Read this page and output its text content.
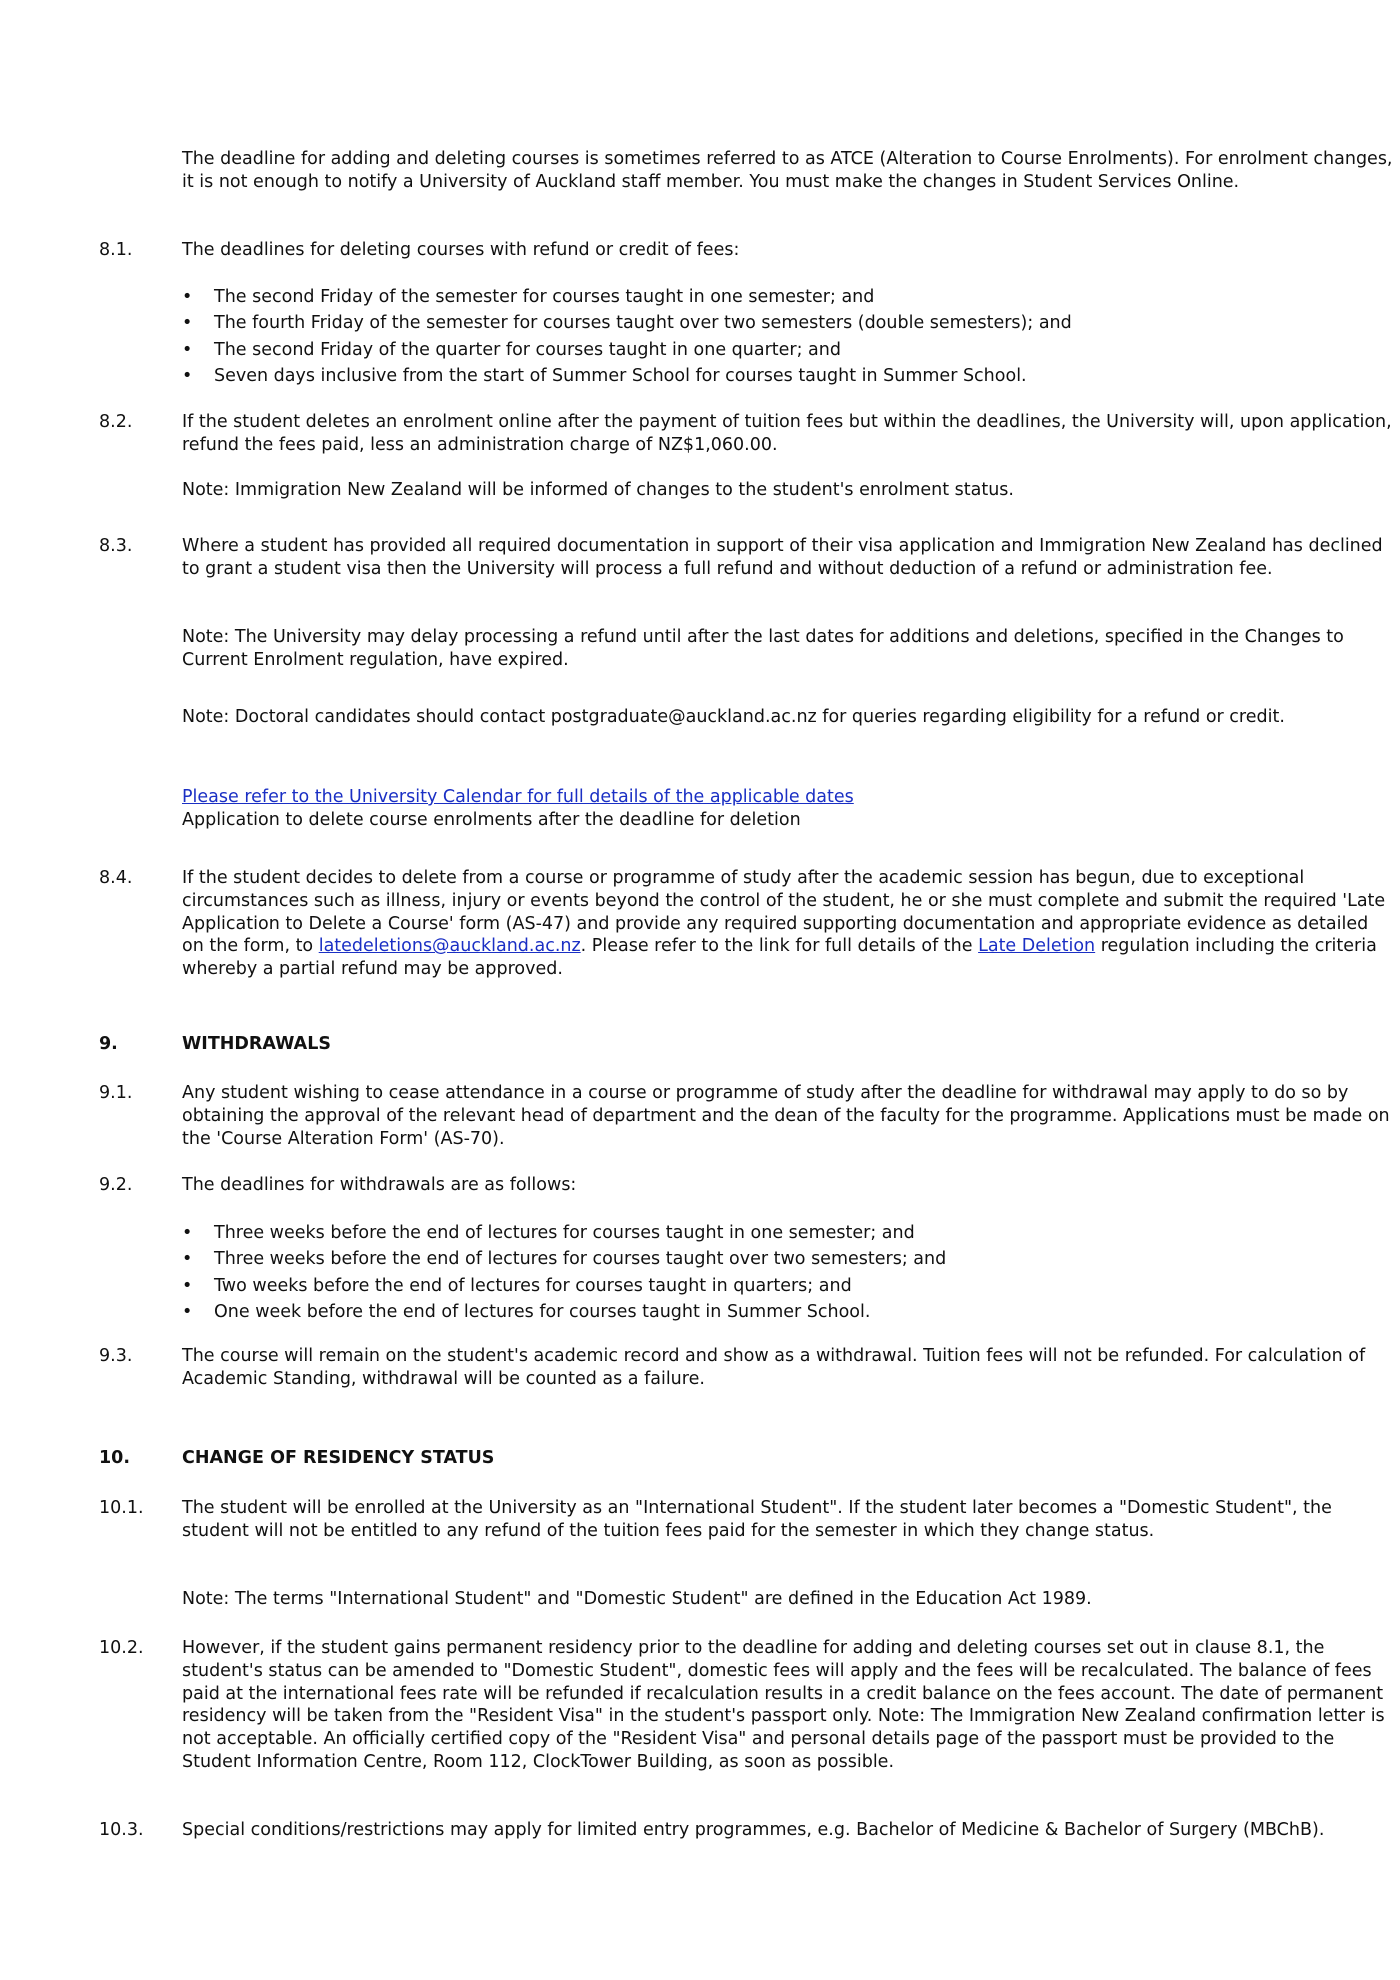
The deadline for adding and deleting courses is sometimes referred to as ATCE (Alteration to Course Enrolments). For enrolment changes, it is not enough to notify a University of Auckland staff member. You must make the changes in Student Services Online.
8.1.	The deadlines for deleting courses with refund or credit of fees:
• The second Friday of the semester for courses taught in one semester; and
• The fourth Friday of the semester for courses taught over two semesters (double semesters); and
• The second Friday of the quarter for courses taught in one quarter; and
• Seven days inclusive from the start of Summer School for courses taught in Summer School.
8.2.	If the student deletes an enrolment online after the payment of tuition fees but within the deadlines, the University will, upon application, refund the fees paid, less an administration charge of NZ$1,060.00.
Note: Immigration New Zealand will be informed of changes to the student's enrolment status.
8.3.	Where a student has provided all required documentation in support of their visa application and Immigration New Zealand has declined to grant a student visa then the University will process a full refund and without deduction of a refund or administration fee.
Note: The University may delay processing a refund until after the last dates for additions and deletions, specified in the Changes to Current Enrolment regulation, have expired.
Note: Doctoral candidates should contact postgraduate@auckland.ac.nz for queries regarding eligibility for a refund or credit.
Please refer to the University Calendar for full details of the applicable dates
Application to delete course enrolments after the deadline for deletion
8.4.	If the student decides to delete from a course or programme of study after the academic session has begun, due to exceptional circumstances such as illness, injury or events beyond the control of the student, he or she must complete and submit the required 'Late Application to Delete a Course' form (AS-47) and provide any required supporting documentation and appropriate evidence as detailed on the form, to latedeletions@auckland.ac.nz. Please refer to the link for full details of the Late Deletion regulation including the criteria whereby a partial refund may be approved.
9.	WITHDRAWALS
9.1.	Any student wishing to cease attendance in a course or programme of study after the deadline for withdrawal may apply to do so by obtaining the approval of the relevant head of department and the dean of the faculty for the programme. Applications must be made on the 'Course Alteration Form' (AS-70).
9.2.	The deadlines for withdrawals are as follows:
• Three weeks before the end of lectures for courses taught in one semester; and
• Three weeks before the end of lectures for courses taught over two semesters; and
• Two weeks before the end of lectures for courses taught in quarters; and
• One week before the end of lectures for courses taught in Summer School.
9.3.	The course will remain on the student's academic record and show as a withdrawal. Tuition fees will not be refunded. For calculation of Academic Standing, withdrawal will be counted as a failure.
10.	CHANGE OF RESIDENCY STATUS
10.1.	The student will be enrolled at the University as an "International Student". If the student later becomes a "Domestic Student", the student will not be entitled to any refund of the tuition fees paid for the semester in which they change status.
Note: The terms "International Student" and "Domestic Student" are defined in the Education Act 1989.
10.2.	However, if the student gains permanent residency prior to the deadline for adding and deleting courses set out in clause 8.1, the student's status can be amended to "Domestic Student", domestic fees will apply and the fees will be recalculated. The balance of fees paid at the international fees rate will be refunded if recalculation results in a credit balance on the fees account. The date of permanent residency will be taken from the "Resident Visa" in the student's passport only. Note: The Immigration New Zealand confirmation letter is not acceptable. An officially certified copy of the "Resident Visa" and personal details page of the passport must be provided to the Student Information Centre, Room 112, ClockTower Building, as soon as possible.
10.3.	Special conditions/restrictions may apply for limited entry programmes, e.g. Bachelor of Medicine & Bachelor of Surgery (MBChB).
